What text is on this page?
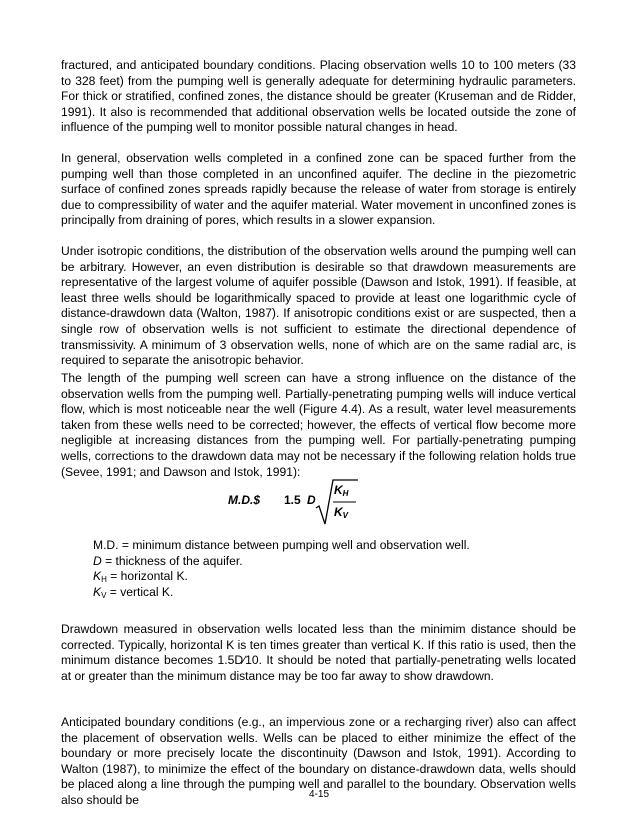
fractured, and anticipated boundary conditions. Placing observation wells 10 to 100 meters (33 to 328 feet) from the pumping well is generally adequate for determining hydraulic parameters. For thick or stratified, confined zones, the distance should be greater (Kruseman and de Ridder, 1991). It also is recommended that additional observation wells be located outside the zone of influence of the pumping well to monitor possible natural changes in head.

In general, observation wells completed in a confined zone can be spaced further from the pumping well than those completed in an unconfined aquifer. The decline in the piezometric surface of confined zones spreads rapidly because the release of water from storage is entirely due to compressibility of water and the aquifer material. Water movement in unconfined zones is principally from draining of pores, which results in a slower expansion.

Under isotropic conditions, the distribution of the observation wells around the pumping well can be arbitrary. However, an even distribution is desirable so that drawdown measurements are representative of the largest volume of aquifer possible (Dawson and Istok, 1991). If feasible, at least three wells should be logarithmically spaced to provide at least one logarithmic cycle of distance-drawdown data (Walton, 1987). If anisotropic conditions exist or are suspected, then a single row of observation wells is not sufficient to estimate the directional dependence of transmissivity. A minimum of 3 observation wells, none of which are on the same radial arc, is required to separate the anisotropic behavior.

The length of the pumping well screen can have a strong influence on the distance of the observation wells from the pumping well. Partially-penetrating pumping wells will induce vertical flow, which is most noticeable near the well (Figure 4.4). As a result, water level measurements taken from these wells need to be corrected; however, the effects of vertical flow become more negligible at increasing distances from the pumping well. For partially-penetrating pumping wells, corrections to the drawdown data may not be necessary if the following relation holds true (Sevee, 1991; and Dawson and Istok, 1991):

M.D.$ 1.5 D
$K_H$
$K_V$
M.D. = minimum distance between pumping well and observation well.
D = thickness of the aquifer.
$K_H$ = horizontal K.
$K_V$ = vertical K.

Drawdown measured in observation wells located less than the minimim distance should be corrected. Typically, horizontal K is ten times greater than vertical K. If this ratio is used, then the minimum distance becomes 1.5D∕10. It should be noted that partially-penetrating wells located at or greater than the minimum distance may be too far away to show drawdown.

Anticipated boundary conditions (e.g., an impervious zone or a recharging river) also can affect the placement of observation wells. Wells can be placed to either minimize the effect of the boundary or more precisely locate the discontinuity (Dawson and Istok, 1991). According to Walton (1987), to minimize the effect of the boundary on distance-drawdown data, wells should be placed along a line through the pumping well and parallel to the boundary. Observation wells also should be	4-15
